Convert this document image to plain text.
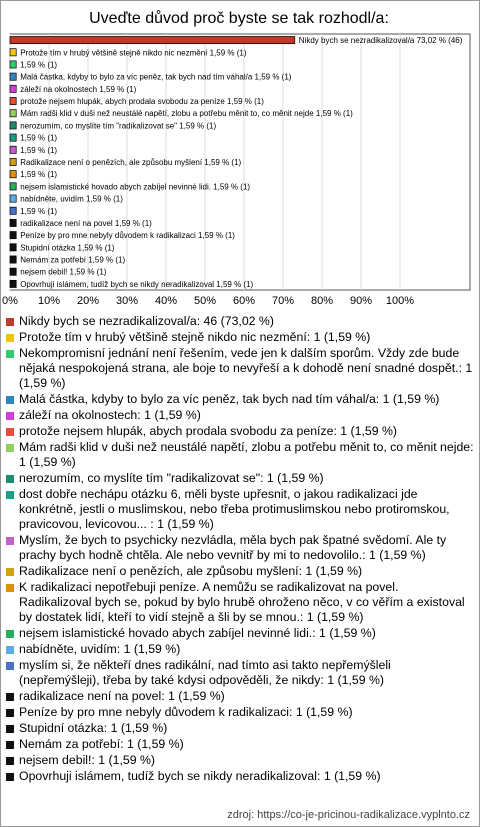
Uveďte důvod proč byste se tak rozhodl/a:
Nikdy bych se nezradikalizoval/a 73,02 % (46)
Protože tím v hrubý většině stejně nikdo nic nezmění 1,59 % (1)
1,59 % (1)
Malá částka, kdyby to bylo za víc peněz, tak bych nad tím váhal/a 1,59 % (1)
záleží na okolnostech 1,59 % (1)
protože nejsem hlupák, abych prodala svobodu za peníze 1,59 % (1)
Mám radši klid v duši než neustálé napětí, zlobu a potřebu měnit to, co měnit nejde 1,59 % (1)
nerozumím, co myslíte tím "radikalizovat se" 1,59 % (1)
1,59 % (1)
1,59 % (1)
Radikalizace není o penězích, ale způsobu myšlení 1,59 % (1)
1,59 % (1)
nejsem islamistické hovado abych zabíjel nevinné lidi. 1,59 % (1)
nabídněte, uvidím 1,59 % (1)
1,59 % (1)
radikalizace není na povel 1,59 % (1)
Peníze by pro mne nebyly důvodem k radikalizaci 1,59 % (1)
Stupidní otázka 1,59 % (1)
Nemám za potřebí 1,59 % (1)
nejsem debil! 1,59 % (1)
Opovrhuji islámem, tudíž bych se nikdy neradikalizoval 1,59 % (1)
0% 10% 20% 30% 40% 50% 60% 70% 80% 90% 100%
Nikdy bych se nezradikalizoval/a: 46 (73,02 %)
Protože tím v hrubý většině stejně nikdo nic nezmění: 1 (1,59 %)
Nekompromisní jednání není řešením, vede jen k dalším sporům. Vždy zde bude nějaká nespokojená strana, ale boje to nevyřeší a k dohodě není snadné dospět.: 1 (1,59 %)
Malá částka, kdyby to bylo za víc peněz, tak bych nad tím váhal/a: 1 (1,59 %)
záleží na okolnostech: 1 (1,59 %)
protože nejsem hlupák, abych prodala svobodu za peníze: 1 (1,59 %)
Mám radši klid v duši než neustálé napětí, zlobu a potřebu měnit to, co měnit nejde: 1 (1,59 %)
nerozumím, co myslíte tím "radikalizovat se": 1 (1,59 %)
dost dobře nechápu otázku 6, měli byste upřesnit, o jakou radikalizaci jde konkrétně, jestli o muslimskou, nebo třeba protimuslimskou nebo protiromskou, pravicovou, levicovou... : 1 (1,59 %)
Myslím, že bych to psychicky nezvládla, měla bych pak špatné svědomí. Ale ty prachy bych hodně chtěla. Ale nebo vevnitř by mi to nedovolilo.: 1 (1,59 %)
Radikalizace není o penězích, ale způsobu myšlení: 1 (1,59 %)
K radikalizaci nepotřebuji peníze. A nemůžu se radikalizovat na povel. Radikalizoval bych se, pokud by bylo hrubě ohroženo něco, v co věřím a existoval by dostatek lidí, kteří to vidí stejně a šli by se mnou.: 1 (1,59 %)
nejsem islamistické hovado abych zabíjel nevinné lidi.: 1 (1,59 %)
nabídněte, uvidím: 1 (1,59 %)
myslím si, že někteří dnes radikální, nad tímto asi takto nepřemýšleli (nepřemýšleji), třeba by také kdysi odpověděli, že nikdy: 1 (1,59 %)
radikalizace není na povel: 1 (1,59 %)
Peníze by pro mne nebyly důvodem k radikalizaci: 1 (1,59 %)
Stupidní otázka: 1 (1,59 %)
Nemám za potřebí: 1 (1,59 %)
nejsem debil!: 1 (1,59 %)
Opovrhuji islámem, tudíž bych se nikdy neradikalizoval: 1 (1,59 %)
zdroj: https://co-je-pricinou-radikalizace.vyplnto.cz
